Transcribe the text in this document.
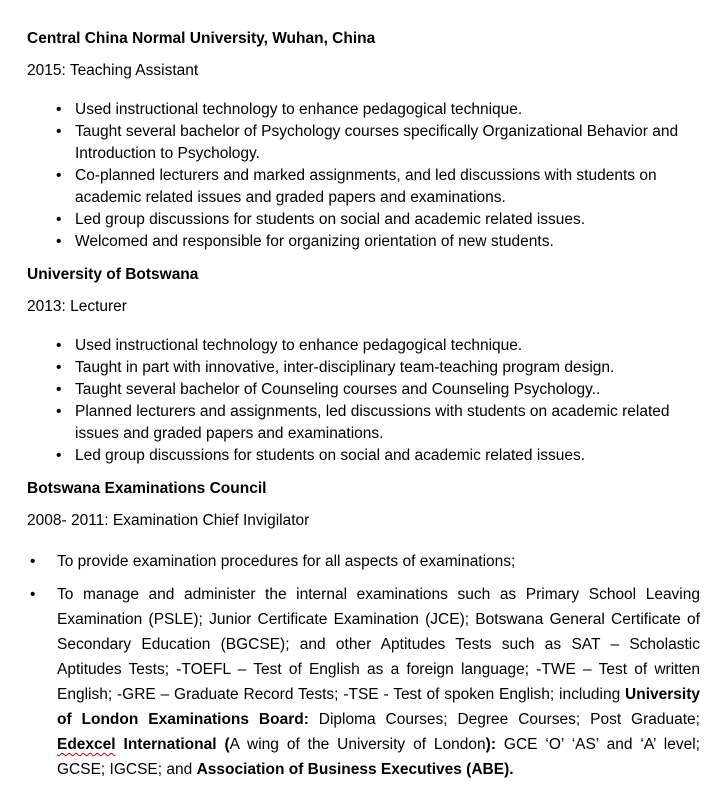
Central China Normal University, Wuhan, China

2015: Teaching Assistant

• Used instructional technology to enhance pedagogical technique.
• Taught several bachelor of Psychology courses specifically Organizational Behavior and Introduction to Psychology.
• Co-planned lecturers and marked assignments, and led discussions with students on academic related issues and graded papers and examinations.
• Led group discussions for students on social and academic related issues.
• Welcomed and responsible for organizing orientation of new students.
University of Botswana

2013: Lecturer

• Used instructional technology to enhance pedagogical technique.
• Taught in part with innovative, inter-disciplinary team-teaching program design.
• Taught several bachelor of Counseling courses and Counseling Psychology..
• Planned lecturers and assignments, led discussions with students on academic related issues and graded papers and examinations.
• Led group discussions for students on social and academic related issues.
Botswana Examinations Council

2008- 2011: Examination Chief Invigilator

• To provide examination procedures for all aspects of examinations;
• To manage and administer the internal examinations such as Primary School Leaving Examination (PSLE); Junior Certificate Examination (JCE); Botswana General Certificate of Secondary Education (BGCSE); and other Aptitudes Tests such as SAT – Scholastic Aptitudes Tests; -TOEFL – Test of English as a foreign language; -TWE – Test of written English; -GRE – Graduate Record Tests; -TSE - Test of spoken English; including University of London Examinations Board: Diploma Courses; Degree Courses; Post Graduate; Edexcel International (A wing of the University of London): GCE ‘O’ ‘AS’ and ‘A’ level; GCSE; IGCSE; and Association of Business Executives (ABE).
